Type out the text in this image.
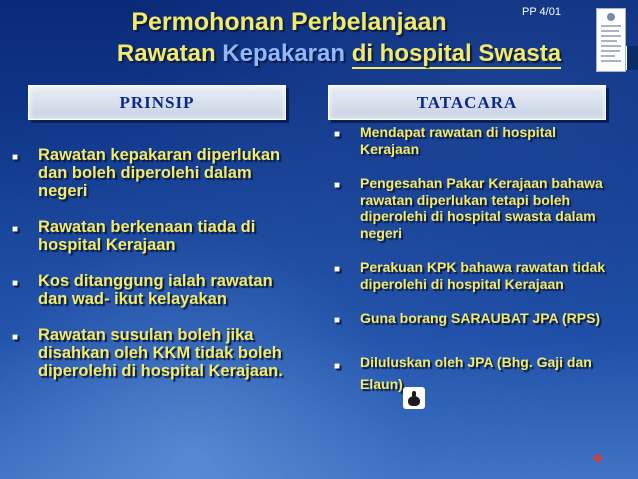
Permohonan Perbelanjaan
Rawatan Kepakaran di hospital Swasta
PP 4/01
PRINSIP	TATACARA
■ Rawatan kepakaran diperlukan dan boleh diperolehi dalam negeri
■ Rawatan berkenaan tiada di hospital Kerajaan
■ Kos ditanggung ialah rawatan dan wad- ikut kelayakan
■ Rawatan susulan boleh jika disahkan oleh KKM tidak boleh diperolehi di hospital Kerajaan.
■ Mendapat rawatan di hospital Kerajaan
■ Pengesahan Pakar Kerajaan bahawa rawatan diperlukan tetapi boleh diperolehi di hospital swasta dalam negeri
■ Perakuan KPK bahawa rawatan tidak diperolehi di hospital Kerajaan
■ Guna borang SARAUBAT JPA (RPS)
■ Diluluskan oleh JPA (Bhg. Gaji dan Elaun)
❖
